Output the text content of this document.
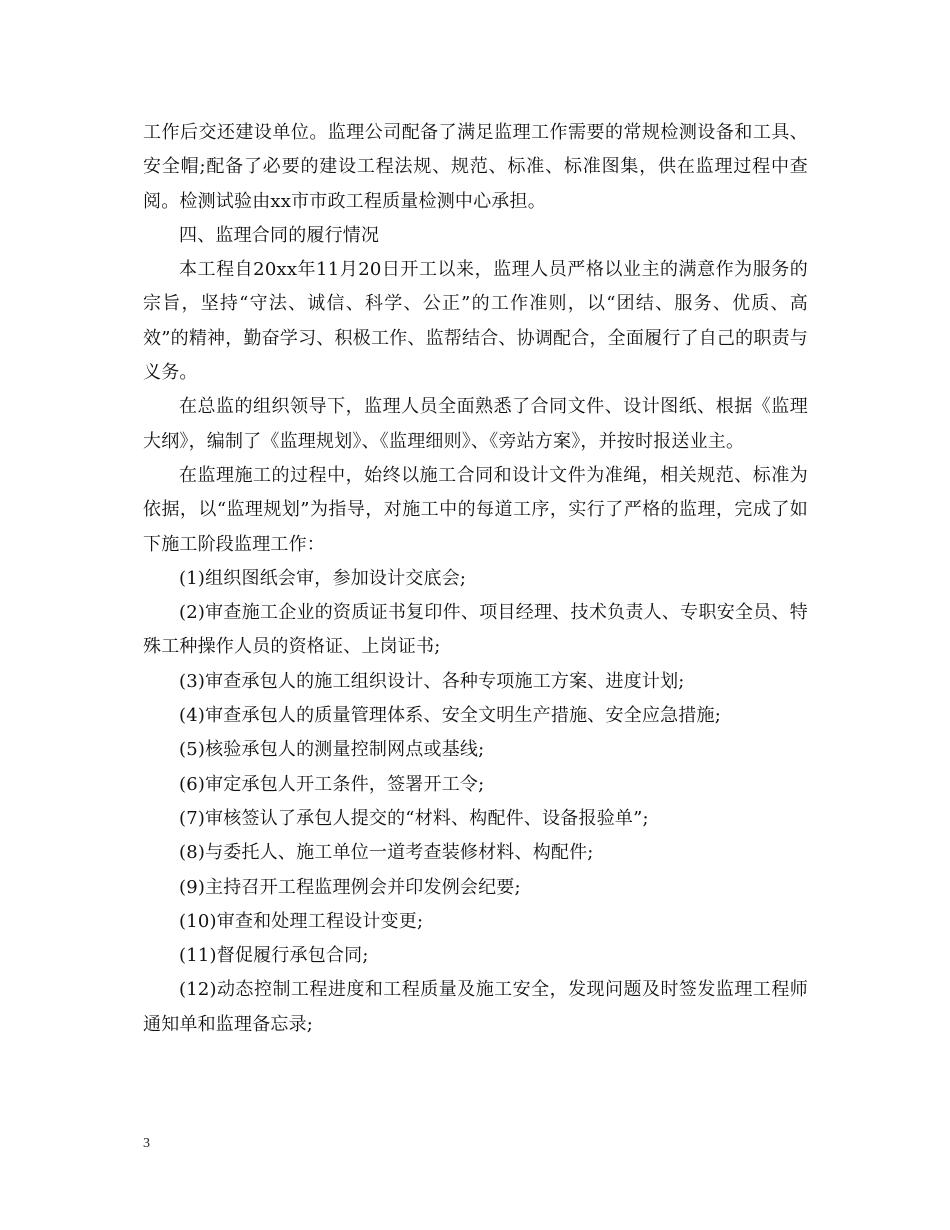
工作后交还建设单位。监理公司配备了满足监理工作需要的常规检测设备和工具、安全帽;配备了必要的建设工程法规、规范、标准、标准图集，供在监理过程中查阅。检测试验由xx市市政工程质量检测中心承担。

四、监理合同的履行情况

本工程自20xx年11月20日开工以来，监理人员严格以业主的满意作为服务的宗旨，坚持“守法、诚信、科学、公正”的工作准则，以“团结、服务、优质、高效”的精神，勤奋学习、积极工作、监帮结合、协调配合，全面履行了自己的职责与义务。

在总监的组织领导下，监理人员全面熟悉了合同文件、设计图纸、根据《监理大纲》，编制了《监理规划》、《监理细则》、《旁站方案》，并按时报送业主。

在监理施工的过程中，始终以施工合同和设计文件为准绳，相关规范、标准为依据，以“监理规划”为指导，对施工中的每道工序，实行了严格的监理，完成了如下施工阶段监理工作：

(1)组织图纸会审，参加设计交底会;

(2)审查施工企业的资质证书复印件、项目经理、技术负责人、专职安全员、特殊工种操作人员的资格证、上岗证书;

(3)审查承包人的施工组织设计、各种专项施工方案、进度计划;

(4)审查承包人的质量管理体系、安全文明生产措施、安全应急措施;

(5)核验承包人的测量控制网点或基线;

(6)审定承包人开工条件，签署开工令;

(7)审核签认了承包人提交的“材料、构配件、设备报验单”;

(8)与委托人、施工单位一道考查装修材料、构配件;

(9)主持召开工程监理例会并印发例会纪要;

(10)审查和处理工程设计变更;

(11)督促履行承包合同;

(12)动态控制工程进度和工程质量及施工安全，发现问题及时签发监理工程师通知单和监理备忘录;

3
